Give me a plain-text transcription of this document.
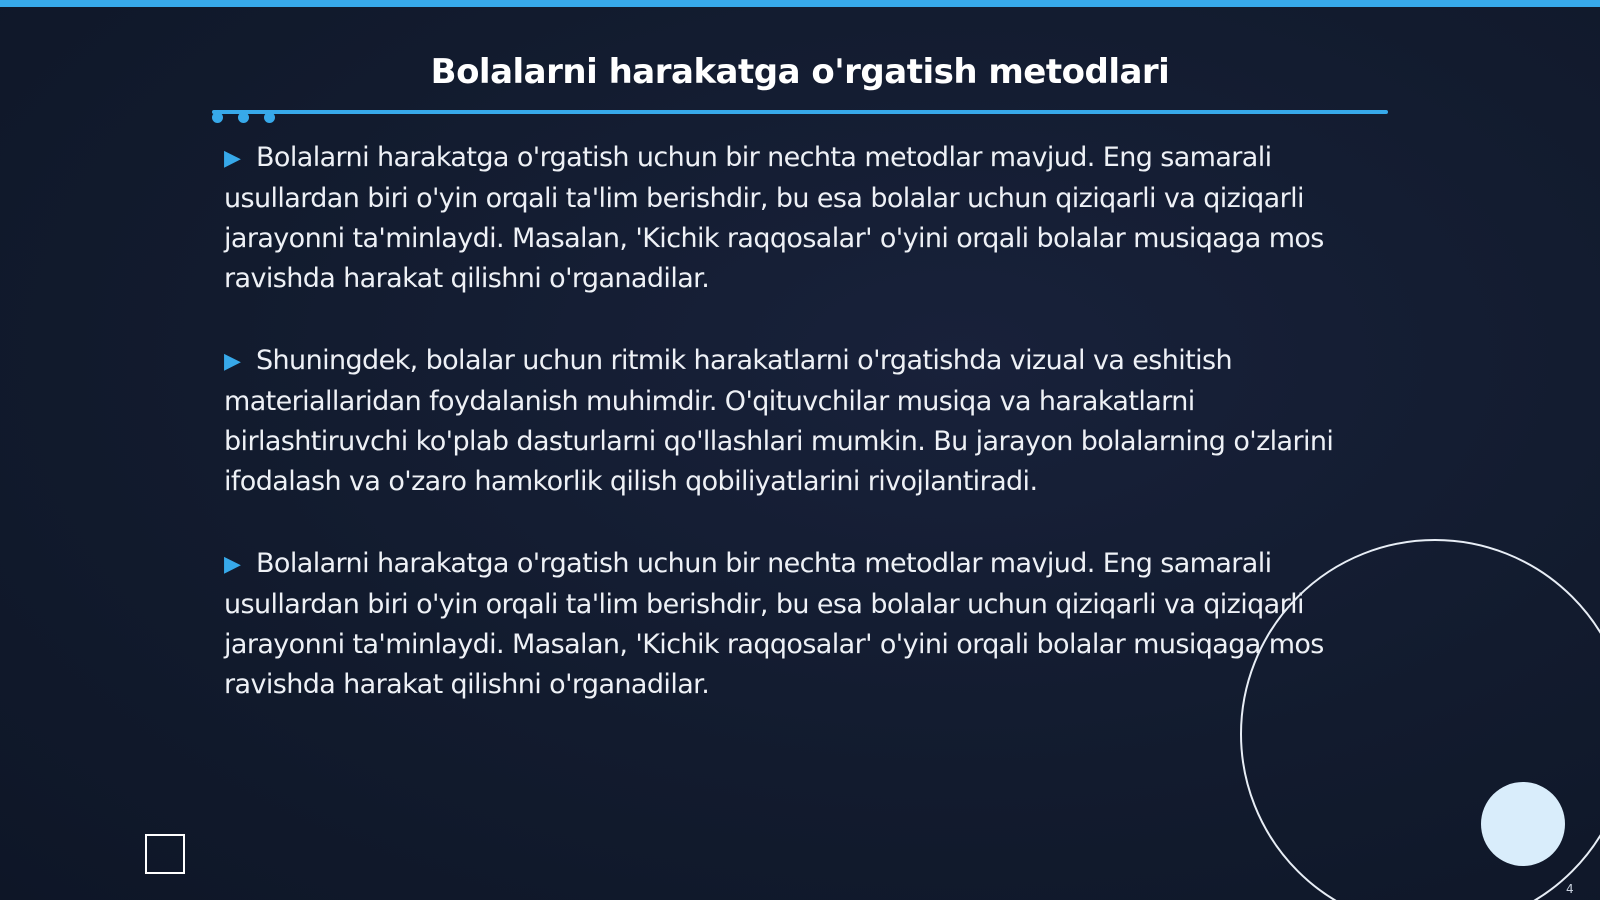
Bolalarni harakatga o'rgatish metodlari

▶ Bolalarni harakatga o'rgatish uchun bir nechta metodlar mavjud. Eng samarali usullardan biri o'yin orqali ta'lim berishdir, bu esa bolalar uchun qiziqarli va qiziqarli jarayonni ta'minlaydi. Masalan, 'Kichik raqqosalar' o'yini orqali bolalar musiqaga mos ravishda harakat qilishni o'rganadilar.

▶ Shuningdek, bolalar uchun ritmik harakatlarni o'rgatishda vizual va eshitish materiallaridan foydalanish muhimdir. O'qituvchilar musiqa va harakatlarni birlashtiruvchi ko'plab dasturlarni qo'llashlari mumkin. Bu jarayon bolalarning o'zlarini ifodalash va o'zaro hamkorlik qilish qobiliyatlarini rivojlantiradi.

▶ Bolalarni harakatga o'rgatish uchun bir nechta metodlar mavjud. Eng samarali usullardan biri o'yin orqali ta'lim berishdir, bu esa bolalar uchun qiziqarli va qiziqarli jarayonni ta'minlaydi. Masalan, 'Kichik raqqosalar' o'yini orqali bolalar musiqaga mos ravishda harakat qilishni o'rganadilar.

4
